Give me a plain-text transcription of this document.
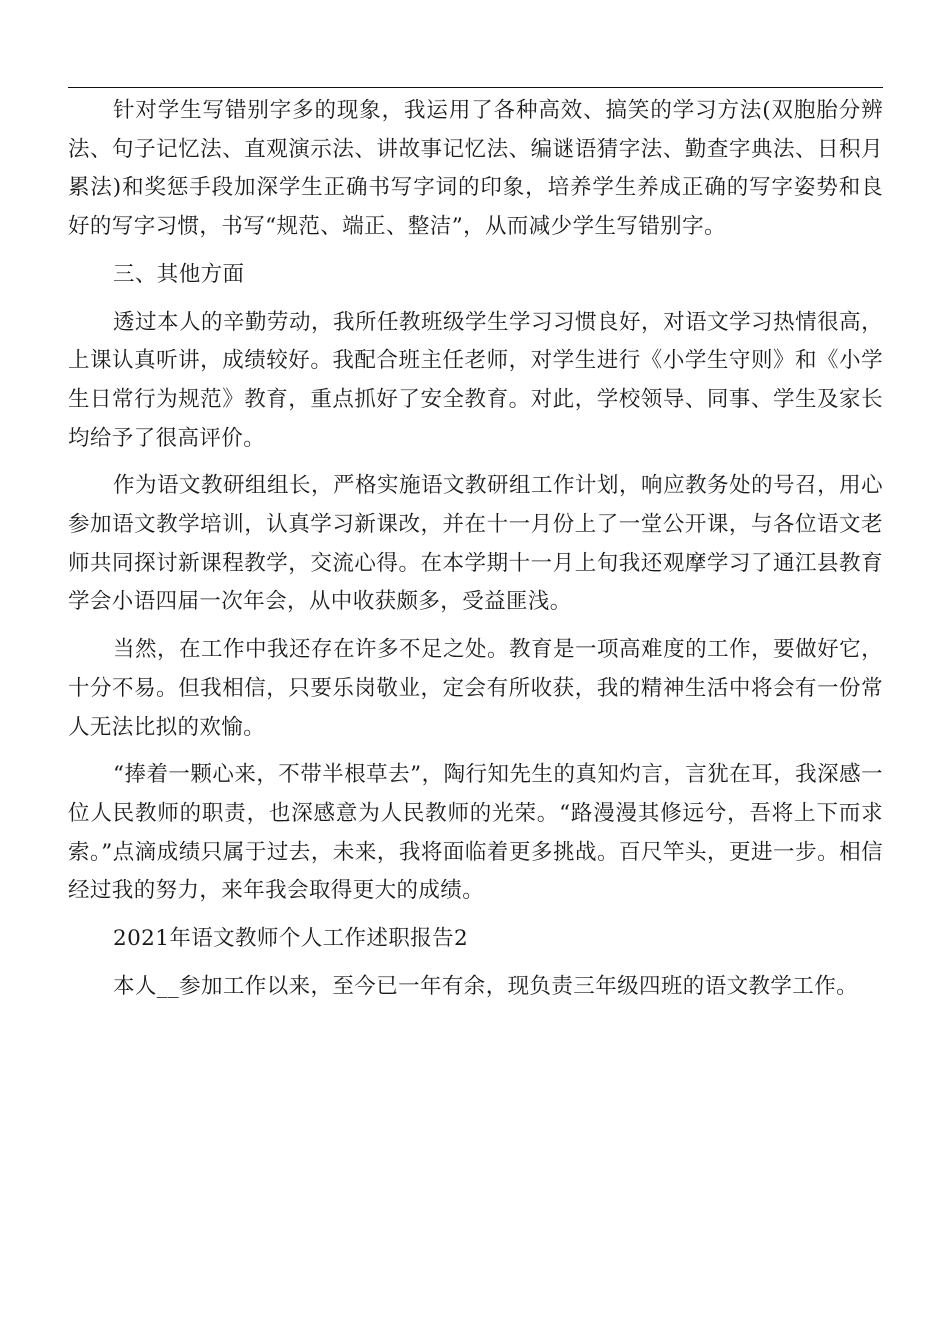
针对学生写错别字多的现象，我运用了各种高效、搞笑的学习方法(双胞胎分辨法、句子记忆法、直观演示法、讲故事记忆法、编谜语猜字法、勤查字典法、日积月累法)和奖惩手段加深学生正确书写字词的印象，培养学生养成正确的写字姿势和良好的写字习惯，书写“规范、端正、整洁”，从而减少学生写错别字。

三、其他方面

透过本人的辛勤劳动，我所任教班级学生学习习惯良好，对语文学习热情很高，上课认真听讲，成绩较好。我配合班主任老师，对学生进行《小学生守则》和《小学生日常行为规范》教育，重点抓好了安全教育。对此，学校领导、同事、学生及家长均给予了很高评价。

作为语文教研组组长，严格实施语文教研组工作计划，响应教务处的号召，用心参加语文教学培训，认真学习新课改，并在十一月份上了一堂公开课，与各位语文老师共同探讨新课程教学，交流心得。在本学期十一月上旬我还观摩学习了通江县教育学会小语四届一次年会，从中收获颇多，受益匪浅。

当然，在工作中我还存在许多不足之处。教育是一项高难度的工作，要做好它，十分不易。但我相信，只要乐岗敬业，定会有所收获，我的精神生活中将会有一份常人无法比拟的欢愉。

“捧着一颗心来，不带半根草去”，陶行知先生的真知灼言，言犹在耳，我深感一位人民教师的职责，也深感意为人民教师的光荣。“路漫漫其修远兮，吾将上下而求索。”点滴成绩只属于过去，未来，我将面临着更多挑战。百尺竿头，更进一步。相信经过我的努力，来年我会取得更大的成绩。

2021年语文教师个人工作述职报告2

本人__参加工作以来，至今已一年有余，现负责三年级四班的语文教学工作。
